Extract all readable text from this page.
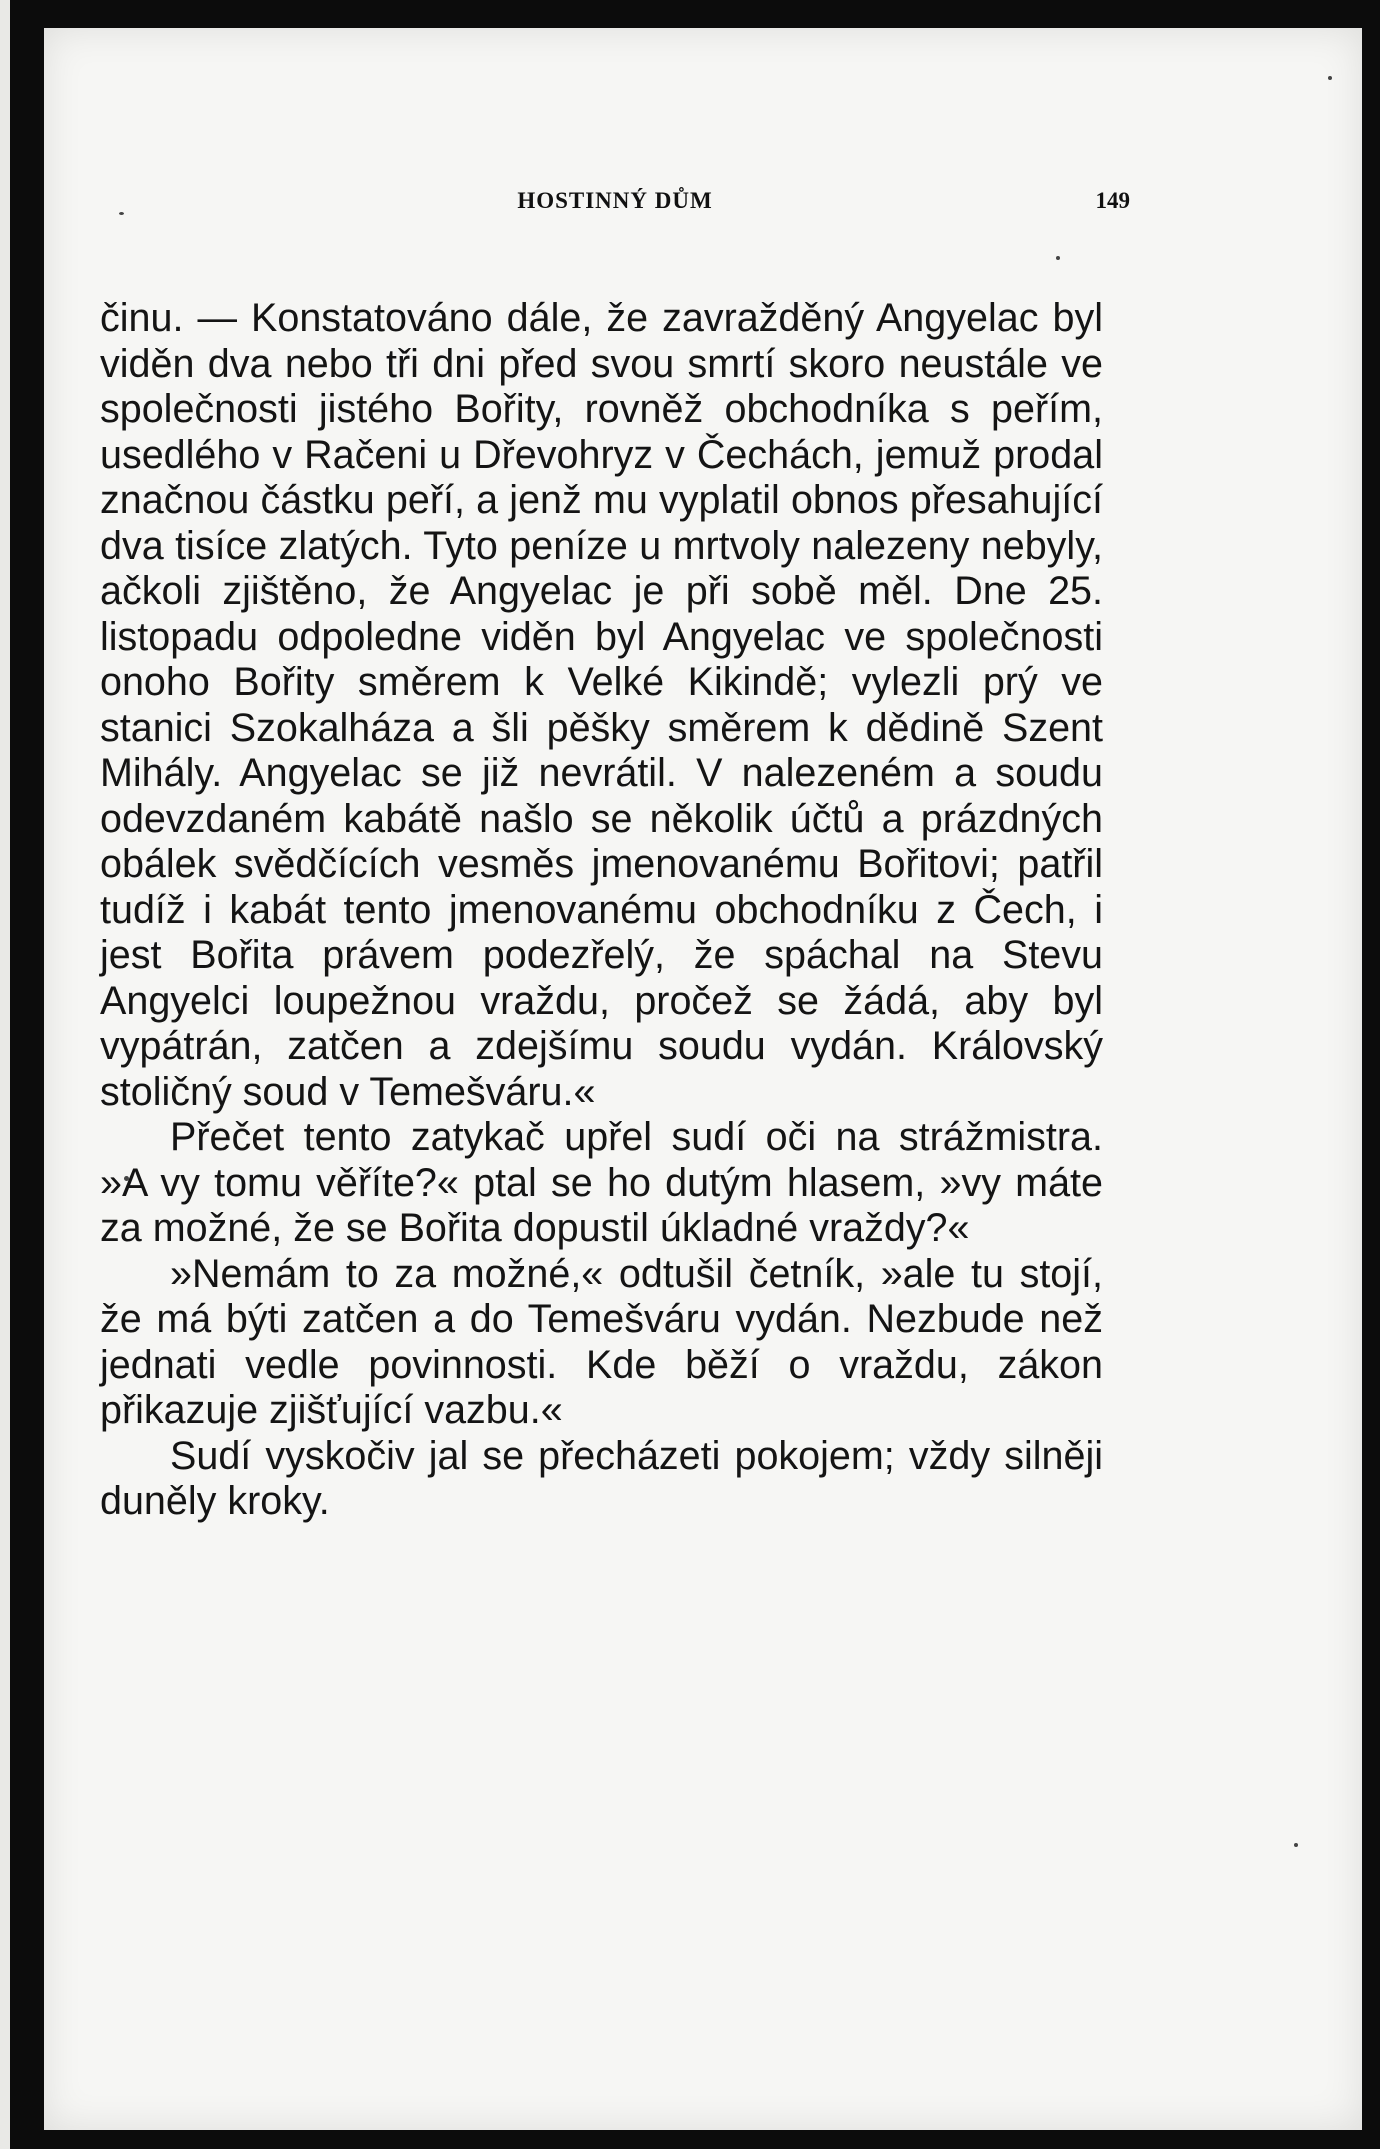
HOSTINNÝ DŮM	149

činu. — Konstatováno dále, že zavražděný Angyelac byl viděn dva nebo tři dni před svou smrtí skoro neustále ve společnosti jistého Bořity, rovněž obchodníka s peřím, usedlého v Račeni u Dřevohryz v Čechách, jemuž prodal značnou částku peří, a jenž mu vyplatil obnos přesahující dva tisíce zlatých. Tyto peníze u mrtvoly nalezeny nebyly, ačkoli zjištěno, že Angyelac je při sobě měl. Dne 25. listopadu odpoledne viděn byl Angyelac ve společnosti onoho Bořity směrem k Velké Kikindě; vylezli prý ve stanici Szokalháza a šli pěšky směrem k dědině Szent Mihály. Angyelac se již nevrátil. V nalezeném a soudu odevzdaném kabátě našlo se několik účtů a prázdných obálek svědčících vesměs jmenovanému Bořitovi; patřil tudíž i kabát tento jmenovanému obchodníku z Čech, i jest Bořita právem podezřelý, že spáchal na Stevu Angyelci loupežnou vraždu, pročež se žádá, aby byl vypátrán, zatčen a zdejšímu soudu vydán. Královský stoličný soud v Temešváru.«

Přečet tento zatykač upřel sudí oči na strážmistra. »A vy tomu věříte?« ptal se ho dutým hlasem, »vy máte za možné, že se Bořita dopustil úkladné vraždy?«

»Nemám to za možné,« odtušil četník, »ale tu stojí, že má býti zatčen a do Temešváru vydán. Nezbude než jednati vedle povinnosti. Kde běží o vraždu, zákon přikazuje zjišťující vazbu.«

Sudí vyskočiv jal se přecházeti pokojem; vždy silněji duněly kroky.
